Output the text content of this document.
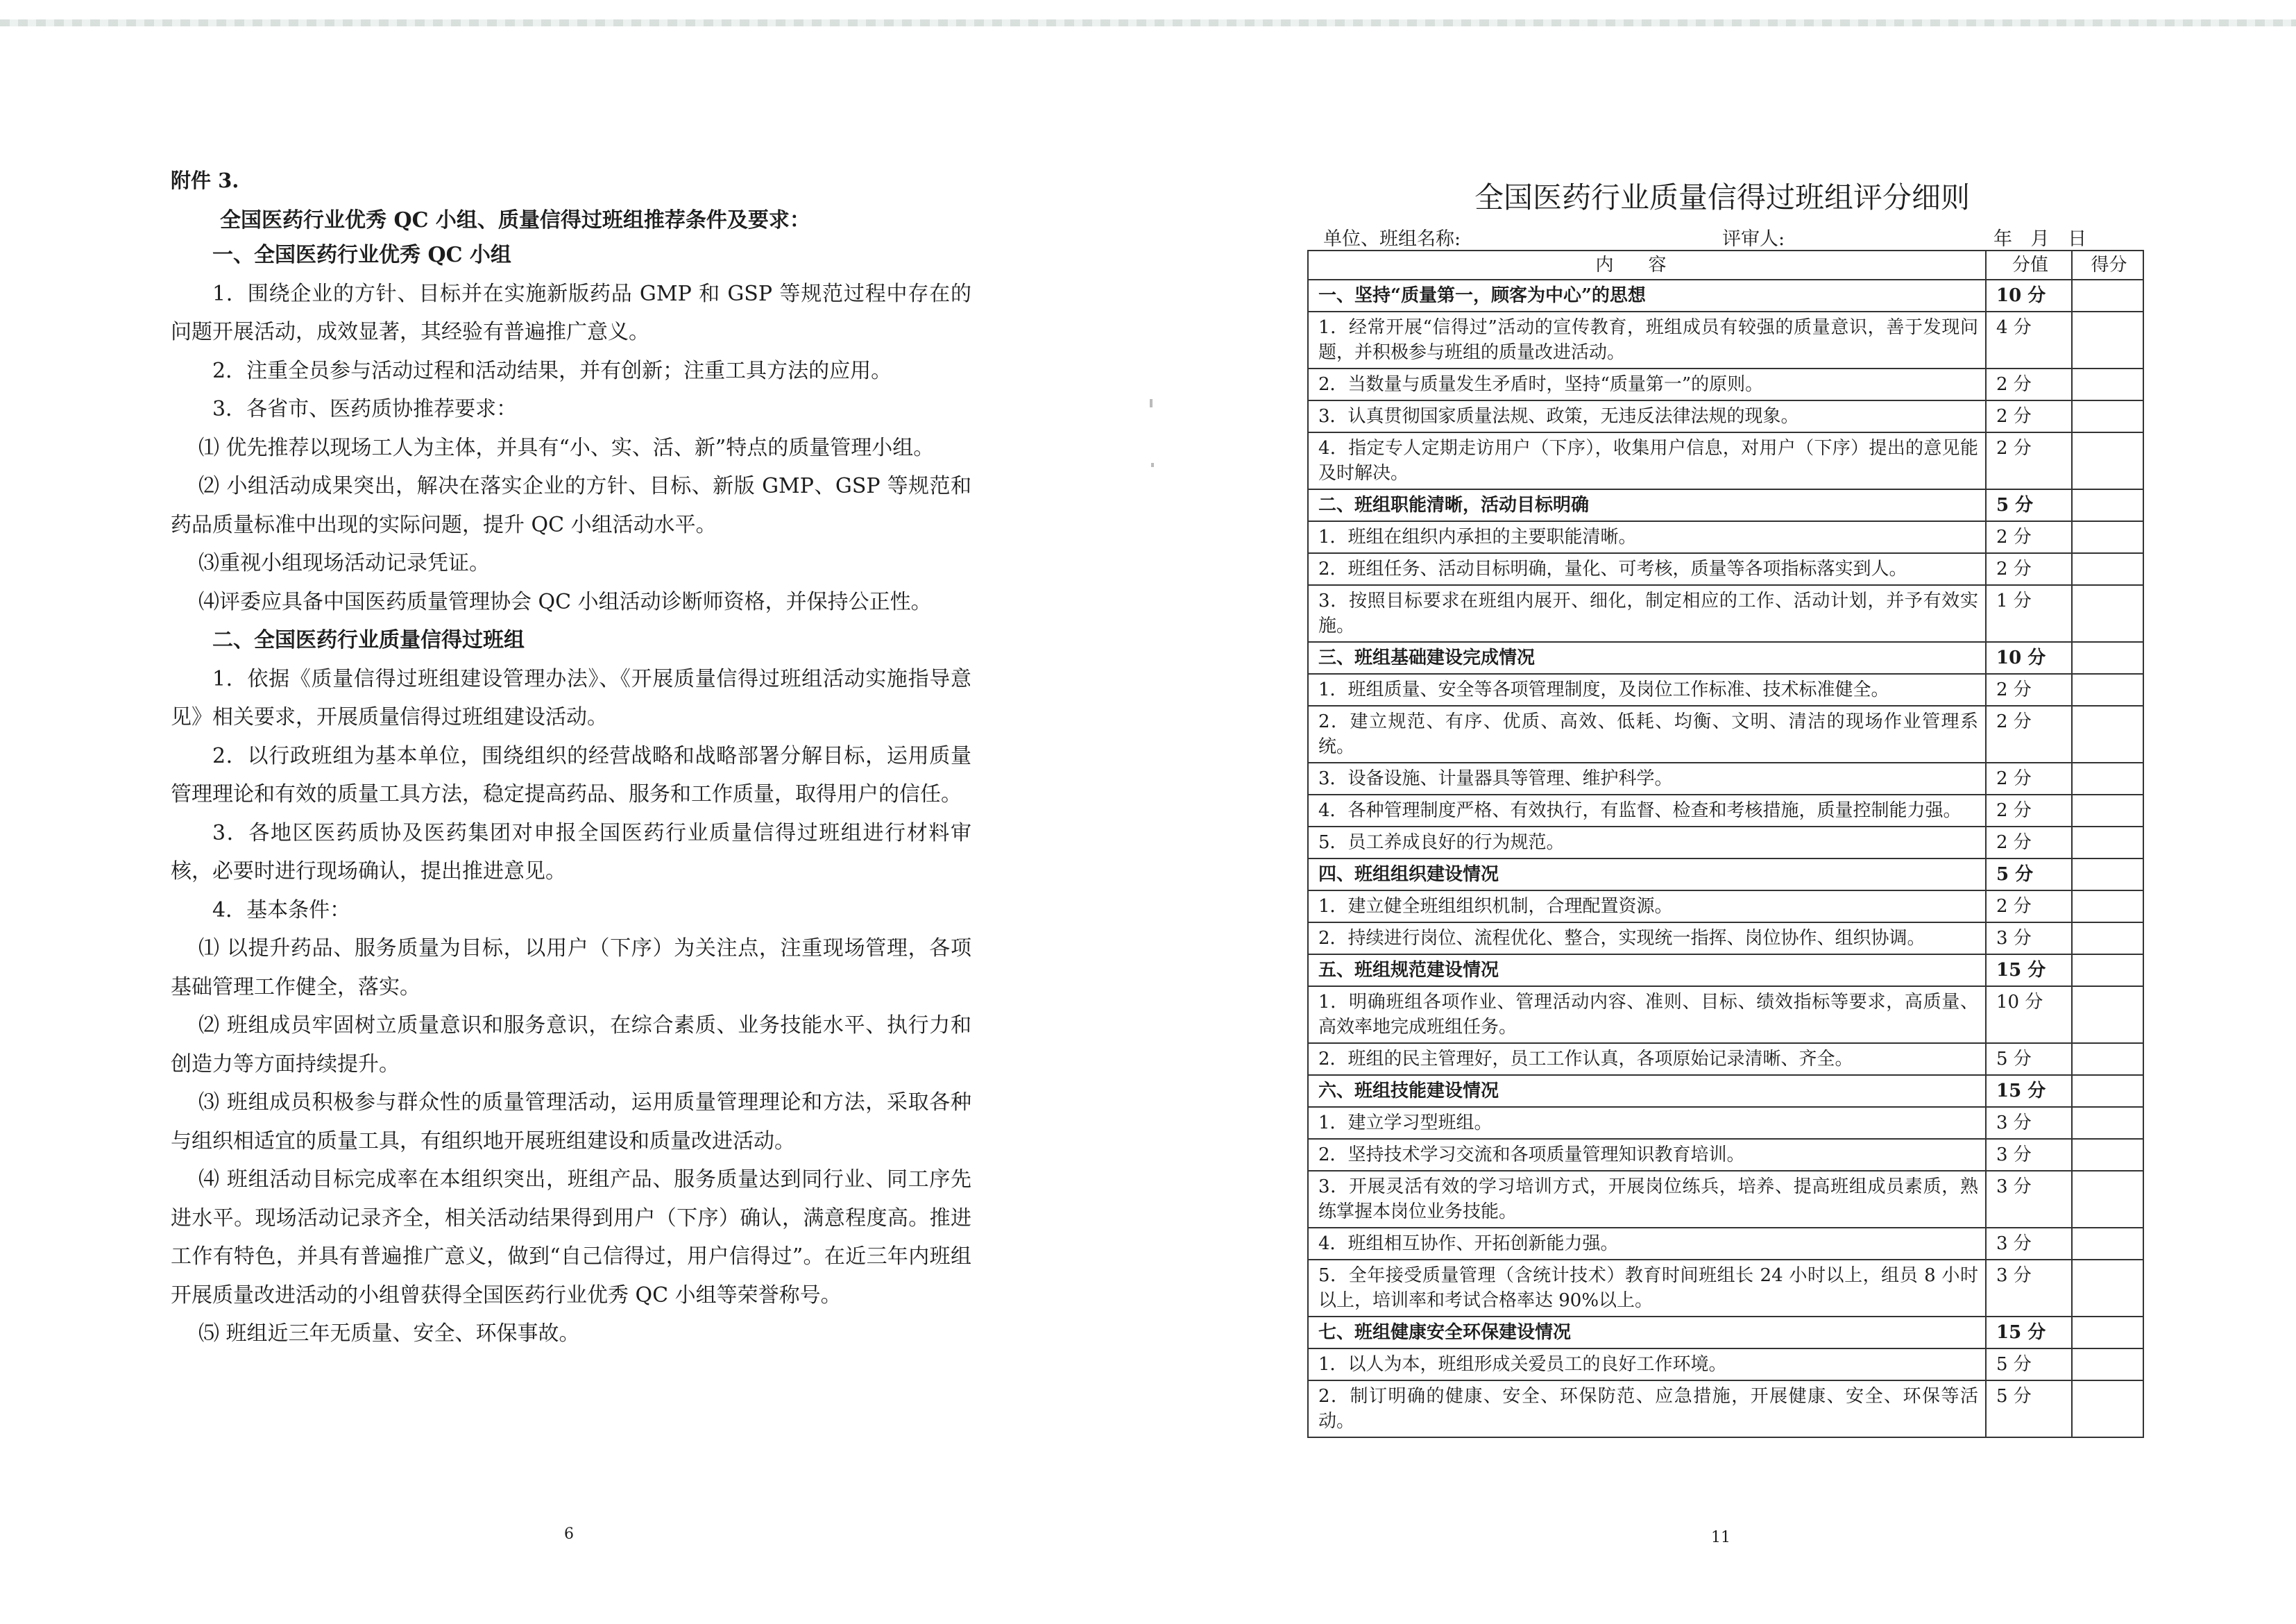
附件 3.
全国医药行业优秀 QC 小组、质量信得过班组推荐条件及要求：

一、全国医药行业优秀 QC 小组

1．围绕企业的方针、目标并在实施新版药品 GMP 和 GSP 等规范过程中存在的问题开展活动，成效显著，其经验有普遍推广意义。

2．注重全员参与活动过程和活动结果，并有创新；注重工具方法的应用。

3．各省市、医药质协推荐要求：

⑴ 优先推荐以现场工人为主体，并具有“小、实、活、新”特点的质量管理小组。

⑵ 小组活动成果突出，解决在落实企业的方针、目标、新版 GMP、GSP 等规范和药品质量标准中出现的实际问题，提升 QC 小组活动水平。

⑶重视小组现场活动记录凭证。

⑷评委应具备中国医药质量管理协会 QC 小组活动诊断师资格，并保持公正性。

二、全国医药行业质量信得过班组

1．依据《质量信得过班组建设管理办法》、《开展质量信得过班组活动实施指导意见》相关要求，开展质量信得过班组建设活动。

2．以行政班组为基本单位，围绕组织的经营战略和战略部署分解目标，运用质量管理理论和有效的质量工具方法，稳定提高药品、服务和工作质量，取得用户的信任。

3．各地区医药质协及医药集团对申报全国医药行业质量信得过班组进行材料审核，必要时进行现场确认，提出推进意见。

4．基本条件：

⑴ 以提升药品、服务质量为目标，以用户（下序）为关注点，注重现场管理，各项基础管理工作健全，落实。

⑵ 班组成员牢固树立质量意识和服务意识，在综合素质、业务技能水平、执行力和创造力等方面持续提升。

⑶ 班组成员积极参与群众性的质量管理活动，运用质量管理理论和方法，采取各种与组织相适宜的质量工具，有组织地开展班组建设和质量改进活动。

⑷ 班组活动目标完成率在本组织突出，班组产品、服务质量达到同行业、同工序先进水平。现场活动记录齐全，相关活动结果得到用户（下序）确认，满意程度高。推进工作有特色，并具有普遍推广意义，做到“自己信得过，用户信得过”。在近三年内班组开展质量改进活动的小组曾获得全国医药行业优秀 QC 小组等荣誉称号。

⑸ 班组近三年无质量、安全、环保事故。

6
全国医药行业质量信得过班组评分细则
单位、班组名称:	评审人:	年 月 日
内容	分值	得分
一、坚持“质量第一，顾客为中心”的思想	10 分	
1．经常开展“信得过”活动的宣传教育，班组成员有较强的质量意识，善于发现问题，并积极参与班组的质量改进活动。	4 分	
2．当数量与质量发生矛盾时，坚持“质量第一”的原则。	2 分	
3．认真贯彻国家质量法规、政策，无违反法律法规的现象。	2 分	
4．指定专人定期走访用户（下序），收集用户信息，对用户（下序）提出的意见能及时解决。	2 分	
二、班组职能清晰，活动目标明确	5 分	
1．班组在组织内承担的主要职能清晰。	2 分	
2．班组任务、活动目标明确，量化、可考核，质量等各项指标落实到人。	2 分	
3．按照目标要求在班组内展开、细化，制定相应的工作、活动计划，并予有效实施。	1 分	
三、班组基础建设完成情况	10 分	
1．班组质量、安全等各项管理制度，及岗位工作标准、技术标准健全。	2 分	
2．建立规范、有序、优质、高效、低耗、均衡、文明、清洁的现场作业管理系统。	2 分	
3．设备设施、计量器具等管理、维护科学。	2 分	
4．各种管理制度严格、有效执行，有监督、检查和考核措施，质量控制能力强。	2 分	
5．员工养成良好的行为规范。	2 分	
四、班组组织建设情况	5 分	
1．建立健全班组组织机制，合理配置资源。	2 分	
2．持续进行岗位、流程优化、整合，实现统一指挥、岗位协作、组织协调。	3 分	
五、班组规范建设情况	15 分	
1．明确班组各项作业、管理活动内容、准则、目标、绩效指标等要求，高质量、高效率地完成班组任务。	10 分	
2．班组的民主管理好，员工工作认真，各项原始记录清晰、齐全。	5 分	
六、班组技能建设情况	15 分	
1．建立学习型班组。	3 分	
2．坚持技术学习交流和各项质量管理知识教育培训。	3 分	
3．开展灵活有效的学习培训方式，开展岗位练兵，培养、提高班组成员素质，熟练掌握本岗位业务技能。	3 分	
4．班组相互协作、开拓创新能力强。	3 分	
5．全年接受质量管理（含统计技术）教育时间班组长 24 小时以上，组员 8 小时以上，培训率和考试合格率达 90%以上。	3 分	
七、班组健康安全环保建设情况	15 分	
1．以人为本，班组形成关爱员工的良好工作环境。	5 分	
2．制订明确的健康、安全、环保防范、应急措施，开展健康、安全、环保等活动。	5 分	
11
